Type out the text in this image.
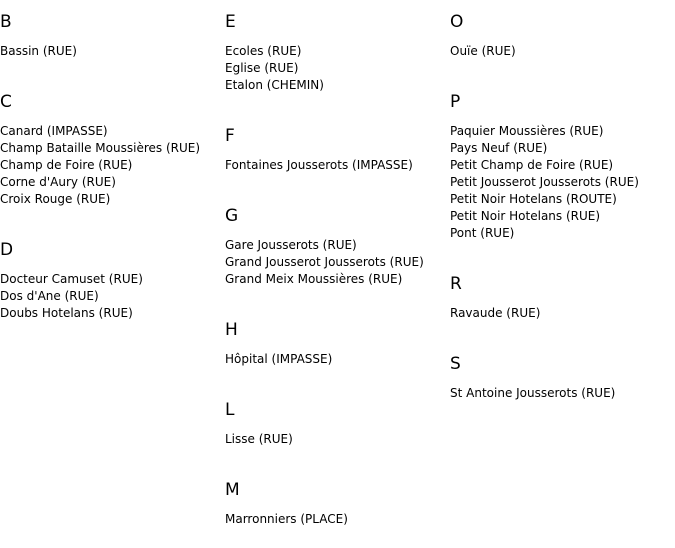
B
Bassin (RUE)
C
Canard (IMPASSE)
Champ Bataille Moussières (RUE)
Champ de Foire (RUE)
Corne d'Aury (RUE)
Croix Rouge (RUE)
D
Docteur Camuset (RUE)
Dos d'Ane (RUE)
Doubs Hotelans (RUE)
E
Ecoles (RUE)
Eglise (RUE)
Etalon (CHEMIN)
F
Fontaines Jousserots (IMPASSE)
G
Gare Jousserots (RUE)
Grand Jousserot Jousserots (RUE)
Grand Meix Moussières (RUE)
H
Hôpital (IMPASSE)
L
Lisse (RUE)
M
Marronniers (PLACE)
O
Ouïe (RUE)
P
Paquier Moussières (RUE)
Pays Neuf (RUE)
Petit Champ de Foire (RUE)
Petit Jousserot Jousserots (RUE)
Petit Noir Hotelans (ROUTE)
Petit Noir Hotelans (RUE)
Pont (RUE)
R
Ravaude (RUE)
S
St Antoine Jousserots (RUE)
